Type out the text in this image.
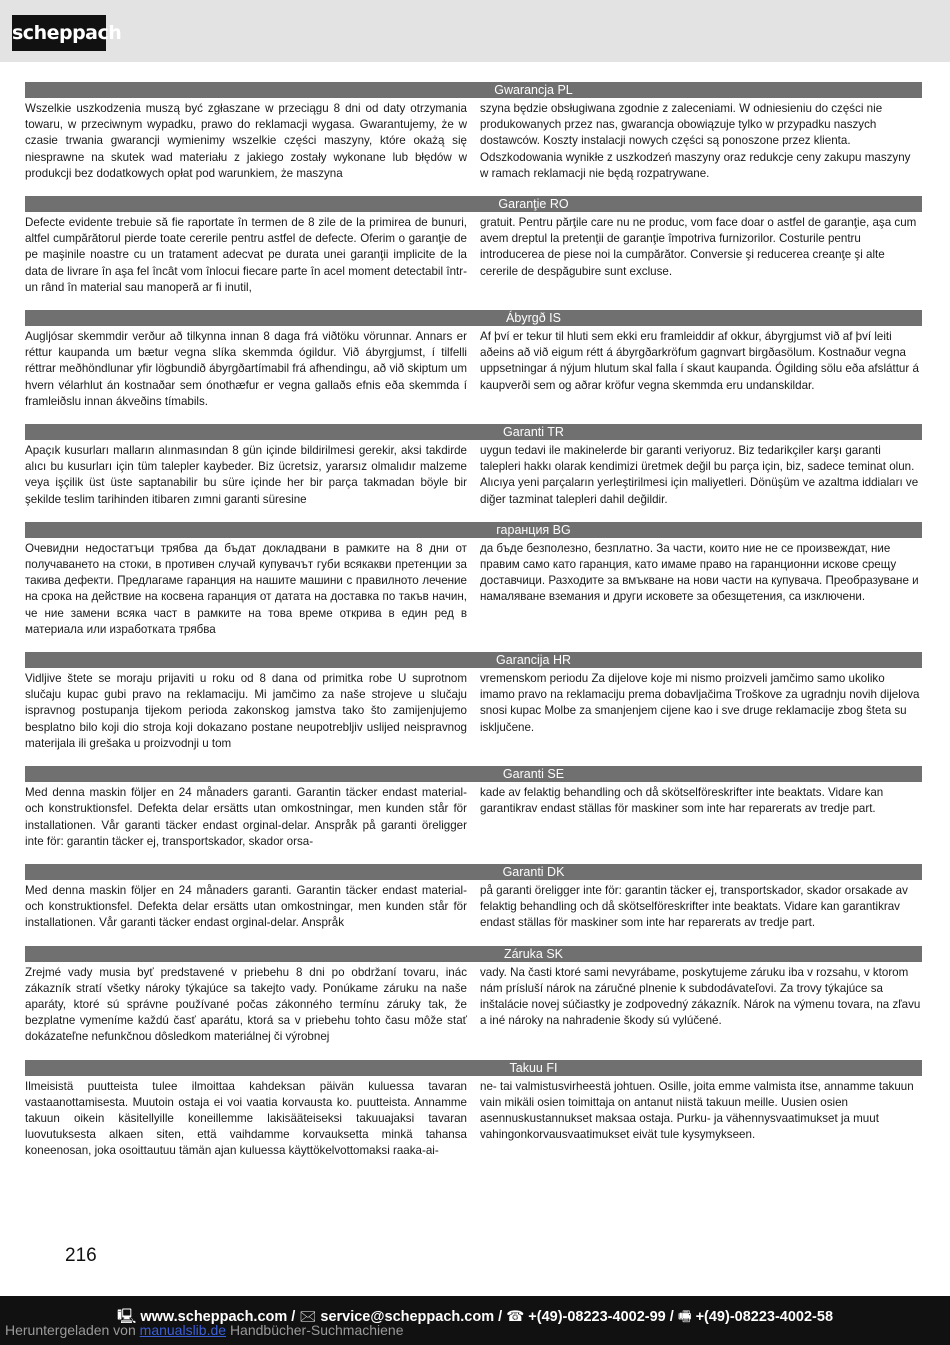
scheppach
Gwarancja PL
Wszelkie uszkodzenia muszą być zgłaszane w przeciągu 8 dni od daty otrzymania towaru, w przeciwnym wypadku, prawo do reklamacji wygasa. Gwarantujemy, że w czasie trwania gwarancji wymienimy wszelkie części maszyny, które okażą się niesprawne na skutek wad materiału z jakiego zostały wykonane lub błędów w produkcji bez dodatkowych opłat pod warunkiem, że maszyna
szyna będzie obsługiwana zgodnie z zaleceniami. W odniesieniu do części nie produkowanych przez nas, gwarancja obowiązuje tylko w przypadku naszych dostawców. Koszty instalacji nowych części są ponoszone przez klienta. Odszkodowania wynikłe z uszkodzeń maszyny oraz redukcje ceny zakupu maszyny w ramach reklamacji nie będą rozpatrywane.
Garanţie RO
Defecte evidente trebuie să fie raportate în termen de 8 zile de la primirea de bunuri, altfel cumpărătorul pierde toate cererile pentru astfel de defecte. Oferim o garanţie de pe maşinile noastre cu un tratament adecvat pe durata unei garanţii implicite de la data de livrare în aşa fel încât vom înlocui fiecare parte în acel moment detectabil într-un rând în material sau manoperă ar fi inutil,
gratuit. Pentru părţile care nu ne produc, vom face doar o astfel de garanţie, aşa cum avem dreptul la pretenţii de garanţie împotriva furnizorilor. Costurile pentru introducerea de piese noi la cumpărător. Conversie şi reducerea creanţe şi alte cererile de despăgubire sunt excluse.
Ábyrgð IS
Augljósar skemmdir verður að tilkynna innan 8 daga frá viðtöku vörunnar. Annars er réttur kaupanda um bætur vegna slíka skemmda ógildur. Við ábyrgjumst, í tilfelli réttrar meðhöndlunar yfir lögbundið ábyrgðartímabil frá afhendingu, að við skiptum um hvern vélarhlut án kostnaðar sem ónothæfur er vegna gallaðs efnis eða skemmda í framleiðslu innan ákveðins tímabils.
Af því er tekur til hluti sem ekki eru framleiddir af okkur, ábyrgjumst við af því leiti aðeins að við eigum rétt á ábyrgðarkröfum gagnvart birgðasölum. Kostnaður vegna uppsetningar á nýjum hlutum skal falla í skaut kaupanda. Ógilding sölu eða afsláttur á kaupverði sem og aðrar kröfur vegna skemmda eru undanskildar.
Garanti TR
Apaçık kusurları malların alınmasından 8 gün içinde bildirilmesi gerekir, aksi takdirde alıcı bu kusurları için tüm talepler kaybeder. Biz ücretsiz, yararsız olmalıdır malzeme veya işçilik üst üste saptanabilir bu süre içinde her bir parça takmadan böyle bir şekilde teslim tarihinden itibaren zımni garanti süresine
uygun tedavi ile makinelerde bir garanti veriyoruz. Biz tedarikçiler karşı garanti talepleri hakkı olarak kendimizi üretmek değil bu parça için, biz, sadece teminat olun. Alıcıya yeni parçaların yerleştirilmesi için maliyetleri. Dönüşüm ve azaltma iddiaları ve diğer tazminat talepleri dahil değildir.
гаранция BG
Очевидни недостатъци трябва да бъдат докладвани в рамките на 8 дни от получаването на стоки, в противен случай купувачът губи всякакви претенции за такива дефекти. Предлагаме гаранция на нашите машини с правилното лечение на срока на действие на косвена гаранция от датата на доставка по такъв начин, че ние замени всяка част в рамките на това време открива в един ред в материала или изработката трябва
да бъде безполезно, безплатно. За части, които ние не се произвеждат, ние правим само като гаранция, като имаме право на гаранционни искове срещу доставчици. Разходите за вмъкване на нови части на купувача. Преобразуване и намаляване вземания и други исковете за обезщетения, са изключени.
Garancija HR
Vidljive štete se moraju prijaviti u roku od 8 dana od primitka robe U suprotnom slučaju kupac gubi pravo na reklamaciju. Mi jamčimo za naše strojeve u slučaju ispravnog postupanja tijekom perioda zakonskog jamstva tako što zamijenjujemo besplatno bilo koji dio stroja koji dokazano postane neupotrebljiv uslijed neispravnog materijala ili grešaka u proizvodnji u tom
vremenskom periodu Za dijelove koje mi nismo proizveli jamčimo samo ukoliko imamo pravo na reklamaciju prema dobavljačima Troškove za ugradnju novih dijelova snosi kupac Molbe za smanjenjem cijene kao i sve druge reklamacije zbog šteta su isključene.
Garanti SE
Med denna maskin följer en 24 månaders garanti. Garantin täcker endast material- och konstruktionsfel. Defekta delar ersätts utan omkostningar, men kunden står för installationen. Vår garanti täcker endast orginal-delar. Anspråk på garanti öreligger inte för: garantin täcker ej, transportskador, skador orsa-
kade av felaktig behandling och då skötselföreskrifter inte beaktats. Vidare kan garantikrav endast ställas för maskiner som inte har reparerats av tredje part.
Garanti DK
Med denna maskin följer en 24 månaders garanti. Garantin täcker endast material- och konstruktionsfel. Defekta delar ersätts utan omkostningar, men kunden står för installationen. Vår garanti täcker endast orginal-delar. Anspråk
på garanti öreligger inte för: garantin täcker ej, transportskador, skador orsakade av felaktig behandling och då skötselföreskrifter inte beaktats. Vidare kan garantikrav endast ställas för maskiner som inte har reparerats av tredje part.
Záruka SK
Zrejmé vady musia byť predstavené v priebehu 8 dni po obdržaní tovaru, inác zákazník stratí všetky nároky týkajúce sa takejto vady. Ponúkame záruku na naše aparáty, ktoré sú správne používané počas zákonného termínu záruky tak, že bezplatne vymeníme každú časť aparátu, ktorá sa v priebehu tohto času môže stať dokázateľne nefunkčnou dôsledkom materiálnej či výrobnej
vady. Na časti ktoré sami nevyrábame, poskytujeme záruku iba v rozsahu, v ktorom nám prísluší nárok na záručné plnenie k subdodávateľovi. Za trovy týkajúce sa inštalácie novej súčiastky je zodpovedný zákazník. Nárok na výmenu tovara, na zľavu a iné nároky na nahradenie škody sú vylúčené.
Takuu FI
Ilmeisistä puutteista tulee ilmoittaa kahdeksan päivän kuluessa tavaran vastaanottamisesta. Muutoin ostaja ei voi vaatia korvausta ko. puutteista. Annamme takuun oikein käsitellyille koneillemme lakisääteiseksi takuuajaksi tavaran luovutuksesta alkaen siten, että vaihdamme korvauksetta minkä tahansa koneenosan, joka osoittautuu tämän ajan kuluessa käyttökelvottomaksi raaka-ai-
ne- tai valmistusvirheestä johtuen. Osille, joita emme valmista itse, annamme takuun vain mikäli osien toimittaja on antanut niistä takuun meille. Uusien osien asennuskustannukset maksaa ostaja. Purku- ja vähennysvaatimukset ja muut vahingonkorvausvaatimukset eivät tule kysymykseen.
216
🖳 www.scheppach.com / 🖂 service@scheppach.com / ☎ +(49)-08223-4002-99 / 🖷 +(49)-08223-4002-58
Heruntergeladen von manualslib.de Handbücher-Suchmachiene
